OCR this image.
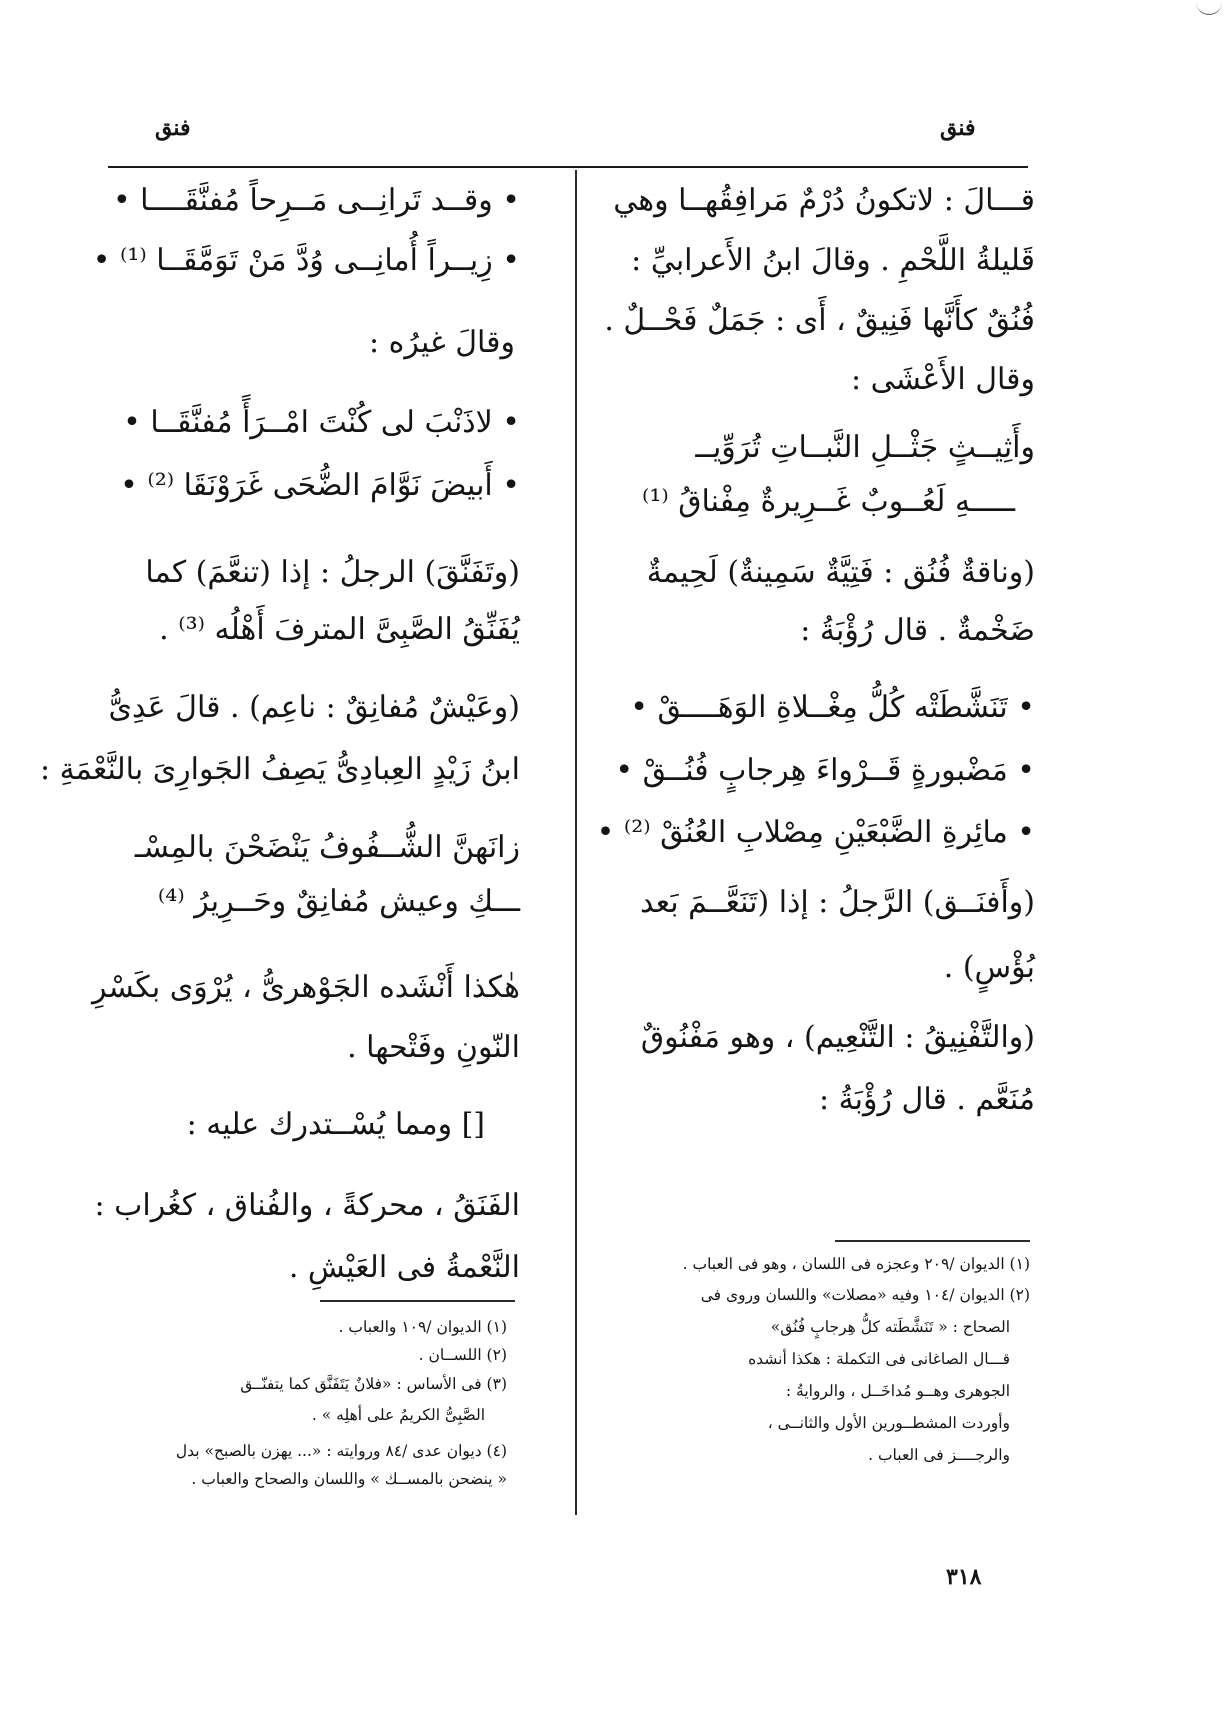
فنق
فنق
قـــالَ : لاتكونُ دُرْمٌ مَرافِقُهــا وهي
قَليلةُ اللَّحْمِ . وقالَ ابنُ الأَعرابيِّ :
فُنُقٌ كأَنَّها فَنِيقٌ ، أَى : جَمَلٌ فَحْــلٌ .
وقال الأَعْشَى :
وأَثِيــثٍ جَثْــلِ النَّبــاتِ تُرَوِّيــ
ـــــهِ لَعُــوبٌ غَــرِيرةٌ مِفْناقُ ⁽¹⁾
(وناقةٌ فُنُق : فَتِيَّةٌ سَمِينةٌ) لَحِيمةٌ
ضَخْمةٌ . قال رُؤْبَةُ :
• تَنَشَّطَتْه كُلُّ مِغْــلاةِ الوَهَــــقْ •
• مَضْبورةٍ قَــرْواءَ هِرجابٍ فُنُــقْ •
• مائِرةِ الضَّبْعَيْنِ مِصْلابِ العُنُقْ ⁽²⁾ •
(وأَفنَــق) الرَّجلُ : إذا (تَنَعَّــمَ بَعد
بُؤْسٍ) .
(والتَّفْنِيقُ : التَّنْعِيم) ، وهو مَفْنُوقٌ
مُنَعَّم . قال رُؤْبَةُ :
(١) الديوان /٢٠٩ وعجزه فى اللسان ، وهو فى العباب .
(٢) الديوان /١٠٤ وفيه «مصلات» واللسان وروى فى
الصحاح : « تَنَشَّطَته كلُّ هِرجابٍ فُنُق»
قـــال الصاغانى فى التكملة : هكذا أنشده
الجوهرى وهــو مُداخَــل ، والروايةُ :
وأوردت المشطــورين الأول والثانــى ،
والرجــــز فى العباب .
٣١٨
• وقــد تَرانِــى مَــرِحاً مُفنَّقَــــا •
• زِيــراً أُمانِــى وُدَّ مَنْ تَوَمَّقَــا ⁽¹⁾ •
وقالَ غيرُه :
• لاذَنْبَ لى كُنْتَ امْــرَأً مُفنَّقَــا •
• أَبيضَ نَوَّامَ الضُّحَى غَرَوْنَقَا ⁽²⁾ •
(وتَفَنَّقَ) الرجلُ : إذا (تنعَّمَ) كما
يُفَنِّقُ الصَّبِىَّ المترفَ أَهْلُه ⁽³⁾ .
(وعَيْشٌ مُفانِقٌ : ناعِم) . قالَ عَدِىُّ
ابنُ زَيْدٍ العِبادِىُّ يَصِفُ الجَوارِىَ بالنَّعْمَةِ :
زانَهنَّ الشُّــفُوفُ يَنْضَحْنَ بالمِسْـ
ـــكِ وعيش مُفانِقٌ وحَــرِيرُ ⁽⁴⁾
هٰكذا أَنْشَده الجَوْهرىُّ ، يُرْوَى بكَسْرِ
النّونِ وفَتْحها .
[] ومما يُسْــتدرك عليه :
الفَنَقُ ، محركةً ، والفُناق ، كغُراب :
النَّعْمةُ فى العَيْشِ .
(١) الديوان /١٠٩ والعباب .
(٢) اللســان .
(٣) فى الأساس : «فلانٌ يَتَفَنَّق كما يتفنّــق
الصَّبِىُّ الكريمُ على أهلِه » .
(٤) ديوان عدى /٨٤ وروايته : «... يهزن بالصبح» بدل
« ينضحن بالمســك » واللسان والصحاح والعباب .
